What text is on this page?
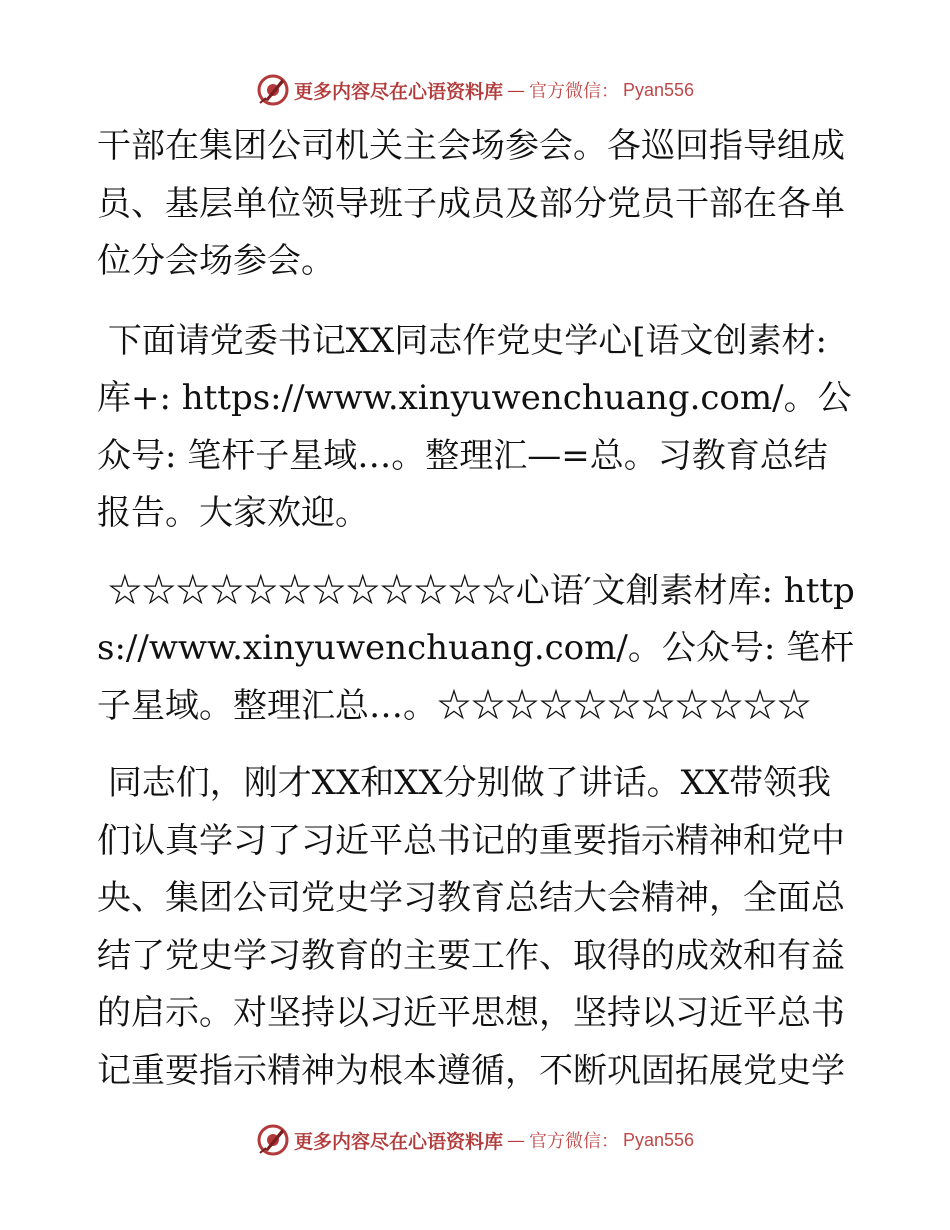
更多内容尽在心语资料库 — 官方微信： Pyan556

干部在集团公司机关主会场参会。各巡回指导组成员、基层单位领导班子成员及部分党员干部在各单位分会场参会。

下面请党委书记XX同志作党史学心[语文创素材:库+: https://www.xinyuwenchuang.com/。公众号: 笔杆子星域…。整理汇—=总。习教育总结报告。大家欢迎。

☆☆☆☆☆☆☆☆☆☆☆☆心语′文創素材库: https://www.xinyuwenchuang.com/。公众号: 笔杆子星域。整理汇总…。☆☆☆☆☆☆☆☆☆☆☆

同志们，刚才XX和XX分别做了讲话。XX带领我们认真学习了习近平总书记的重要指示精神和党中央、集团公司党史学习教育总结大会精神，全面总结了党史学习教育的主要工作、取得的成效和有益的启示。对坚持以习近平思想，坚持以习近平总书记重要指示精神为根本遵循，不断巩固拓展党史学

更多内容尽在心语资料库 — 官方微信： Pyan556
